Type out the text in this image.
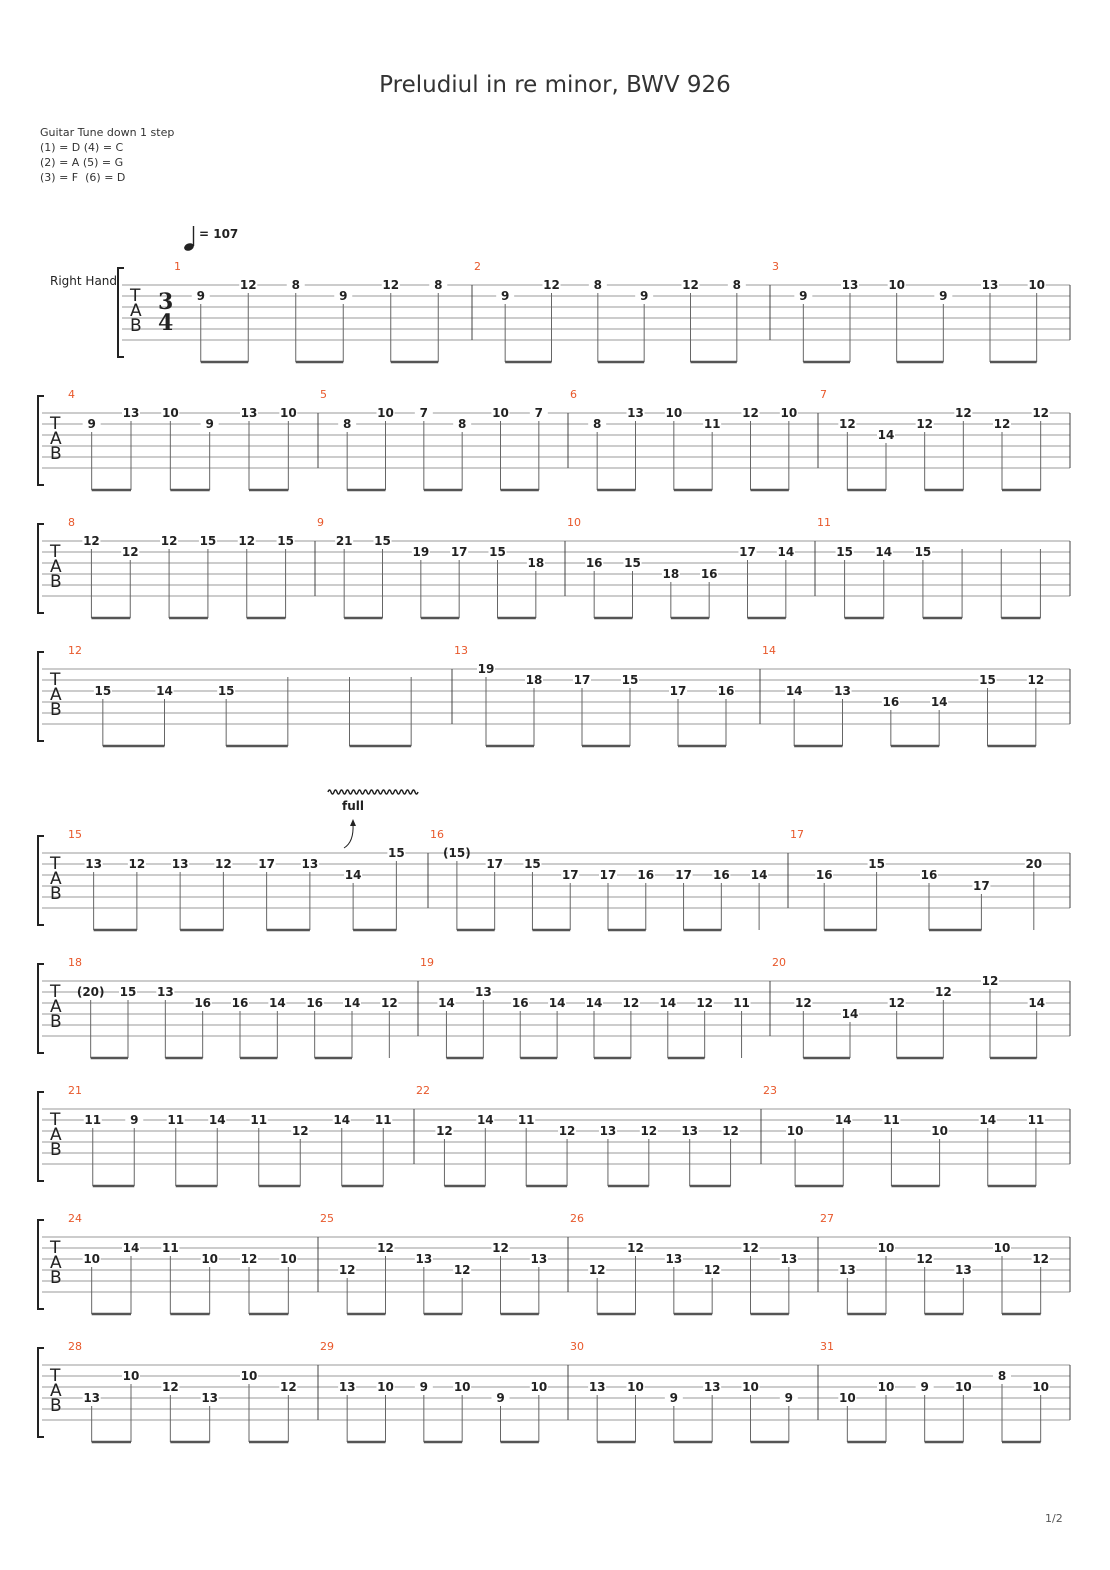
Preludiul in re minor, BWV 926
Guitar Tune down 1 step
(1) = D (4) = C
(2) = A (5) = G
(3) = F  (6) = D
= 107
Right Hand
T
A
B
3
4
1
9
12	8
9
12	8
2
9
12	8
9
12	8
3
9
13 10
9
13 10
T
A
B
4
9
13 10
9
13 10
5
8
10 7
8
10 7
6
8
13 10
11
12 10
7
12
14
12
12
12
12
T
A
B
8
12
12
12 15 12 15
9
21 15
19 17 15
18
10
16 15
18 16
17 14
11
15 14 15
T
A
B
12
15	14	15
13
19
18	17	15
17	16
14
14	13
16	14
15	12
T
A
B
15
13 12 13 12 17 13
14
15
16
(15)
17 15
17 17 16 17 16 14
17
16
15
16
17
20
T
A
B
18
(20) 15 13
16 16 14 16 14 12
19
14
13
16 14 14 12 14 12 11
20
12
14
12
12
12
14
T
A
B
21
11 9 11 14 11
12
14 11
22
12
14 11
12 13 12 13 12
23
10
14	11
10
14	11
T
A
B
24
10
14 11
10 12 10
25
12
12
13
12
12
13
26
12
12
13
12
12
13
27
13
10
12
13
10
12
T
A
B
28
13
10
12
13
10
12
29
13 10 9 10
9
10
30
13 10
9
13 10
9
31
10
10 9 10
8
10
full
1/2
